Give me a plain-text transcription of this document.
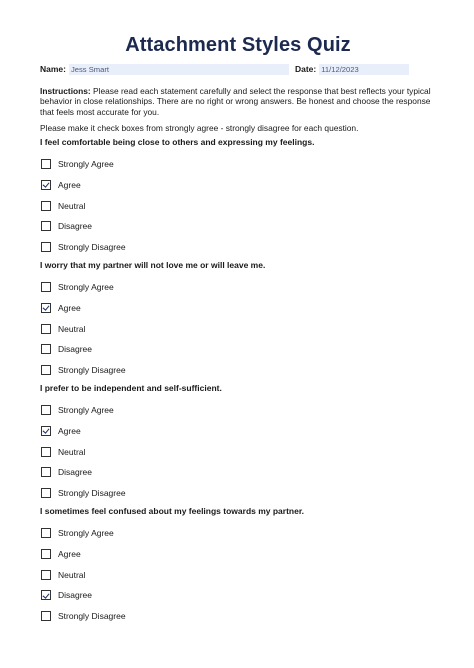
Attachment Styles Quiz
Name: Jess Smart	Date: 11/12/2023

Instructions: Please read each statement carefully and select the response that best reflects your typical behavior in close relationships. There are no right or wrong answers. Be honest and choose the response that feels most accurate for you.

Please make it check boxes from strongly agree - strongly disagree for each question.

I feel comfortable being close to others and expressing my feelings.
Strongly Agree
Agree
Neutral
Disagree
Strongly Disagree
I worry that my partner will not love me or will leave me.
Strongly Agree
Agree
Neutral
Disagree
Strongly Disagree
I prefer to be independent and self-sufficient.
Strongly Agree
Agree
Neutral
Disagree
Strongly Disagree
I sometimes feel confused about my feelings towards my partner.
Strongly Agree
Agree
Neutral
Disagree
Strongly Disagree
